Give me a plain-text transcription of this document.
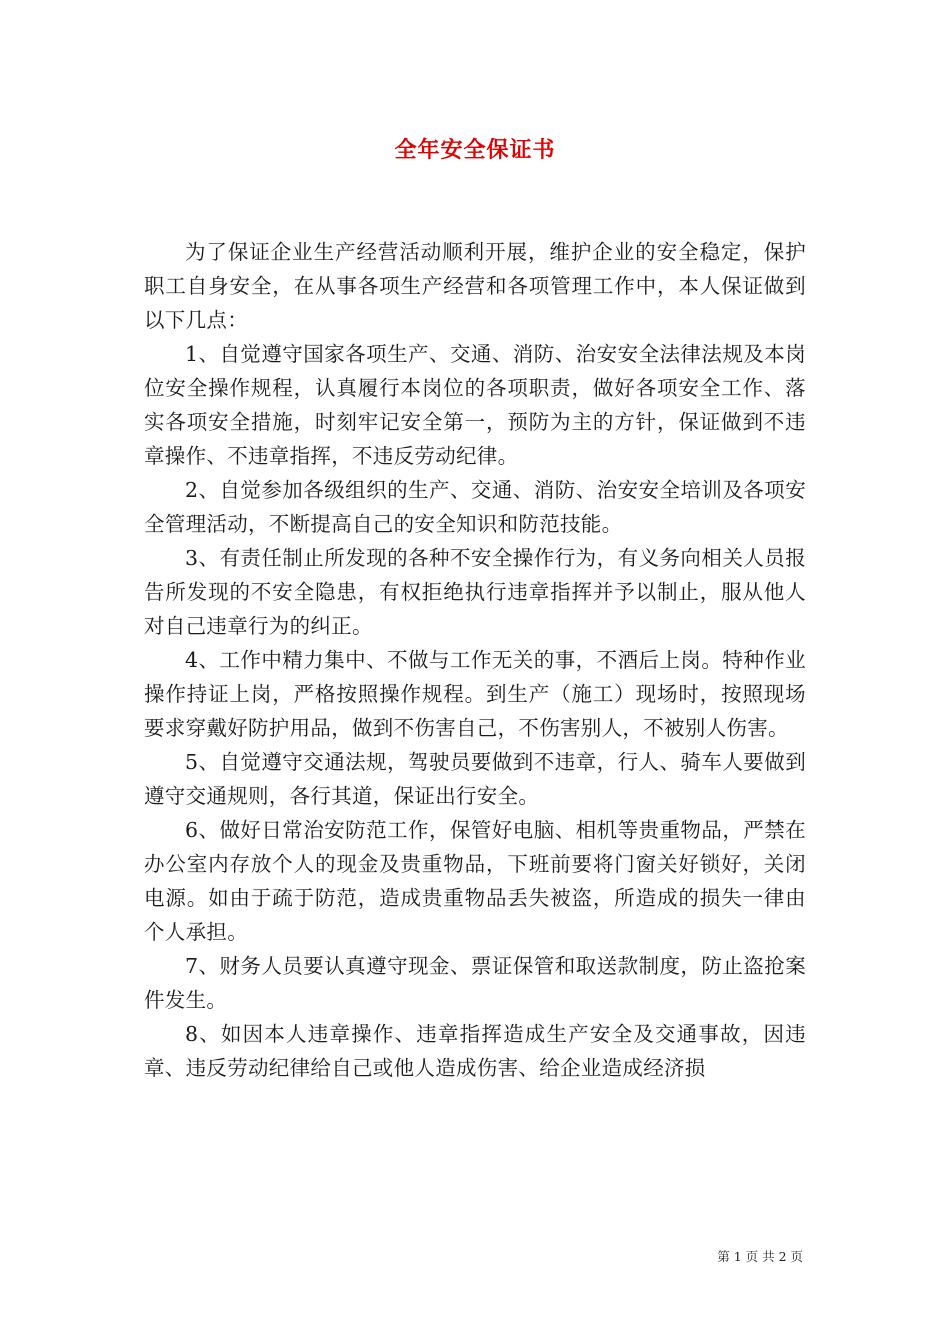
全年安全保证书

为了保证企业生产经营活动顺利开展，维护企业的安全稳定，保护职工自身安全，在从事各项生产经营和各项管理工作中，本人保证做到以下几点：

1、自觉遵守国家各项生产、交通、消防、治安安全法律法规及本岗位安全操作规程，认真履行本岗位的各项职责，做好各项安全工作、落实各项安全措施，时刻牢记安全第一，预防为主的方针，保证做到不违章操作、不违章指挥，不违反劳动纪律。

2、自觉参加各级组织的生产、交通、消防、治安安全培训及各项安全管理活动，不断提高自己的安全知识和防范技能。

3、有责任制止所发现的各种不安全操作行为，有义务向相关人员报告所发现的不安全隐患，有权拒绝执行违章指挥并予以制止，服从他人对自己违章行为的纠正。

4、工作中精力集中、不做与工作无关的事，不酒后上岗。特种作业操作持证上岗，严格按照操作规程。到生产（施工）现场时，按照现场要求穿戴好防护用品，做到不伤害自己，不伤害别人，不被别人伤害。

5、自觉遵守交通法规，驾驶员要做到不违章，行人、骑车人要做到遵守交通规则，各行其道，保证出行安全。

6、做好日常治安防范工作，保管好电脑、相机等贵重物品，严禁在办公室内存放个人的现金及贵重物品，下班前要将门窗关好锁好，关闭电源。如由于疏于防范，造成贵重物品丢失被盗，所造成的损失一律由个人承担。

7、财务人员要认真遵守现金、票证保管和取送款制度，防止盗抢案件发生。

8、如因本人违章操作、违章指挥造成生产安全及交通事故，因违章、违反劳动纪律给自己或他人造成伤害、给企业造成经济损

第 1 页 共 2 页
